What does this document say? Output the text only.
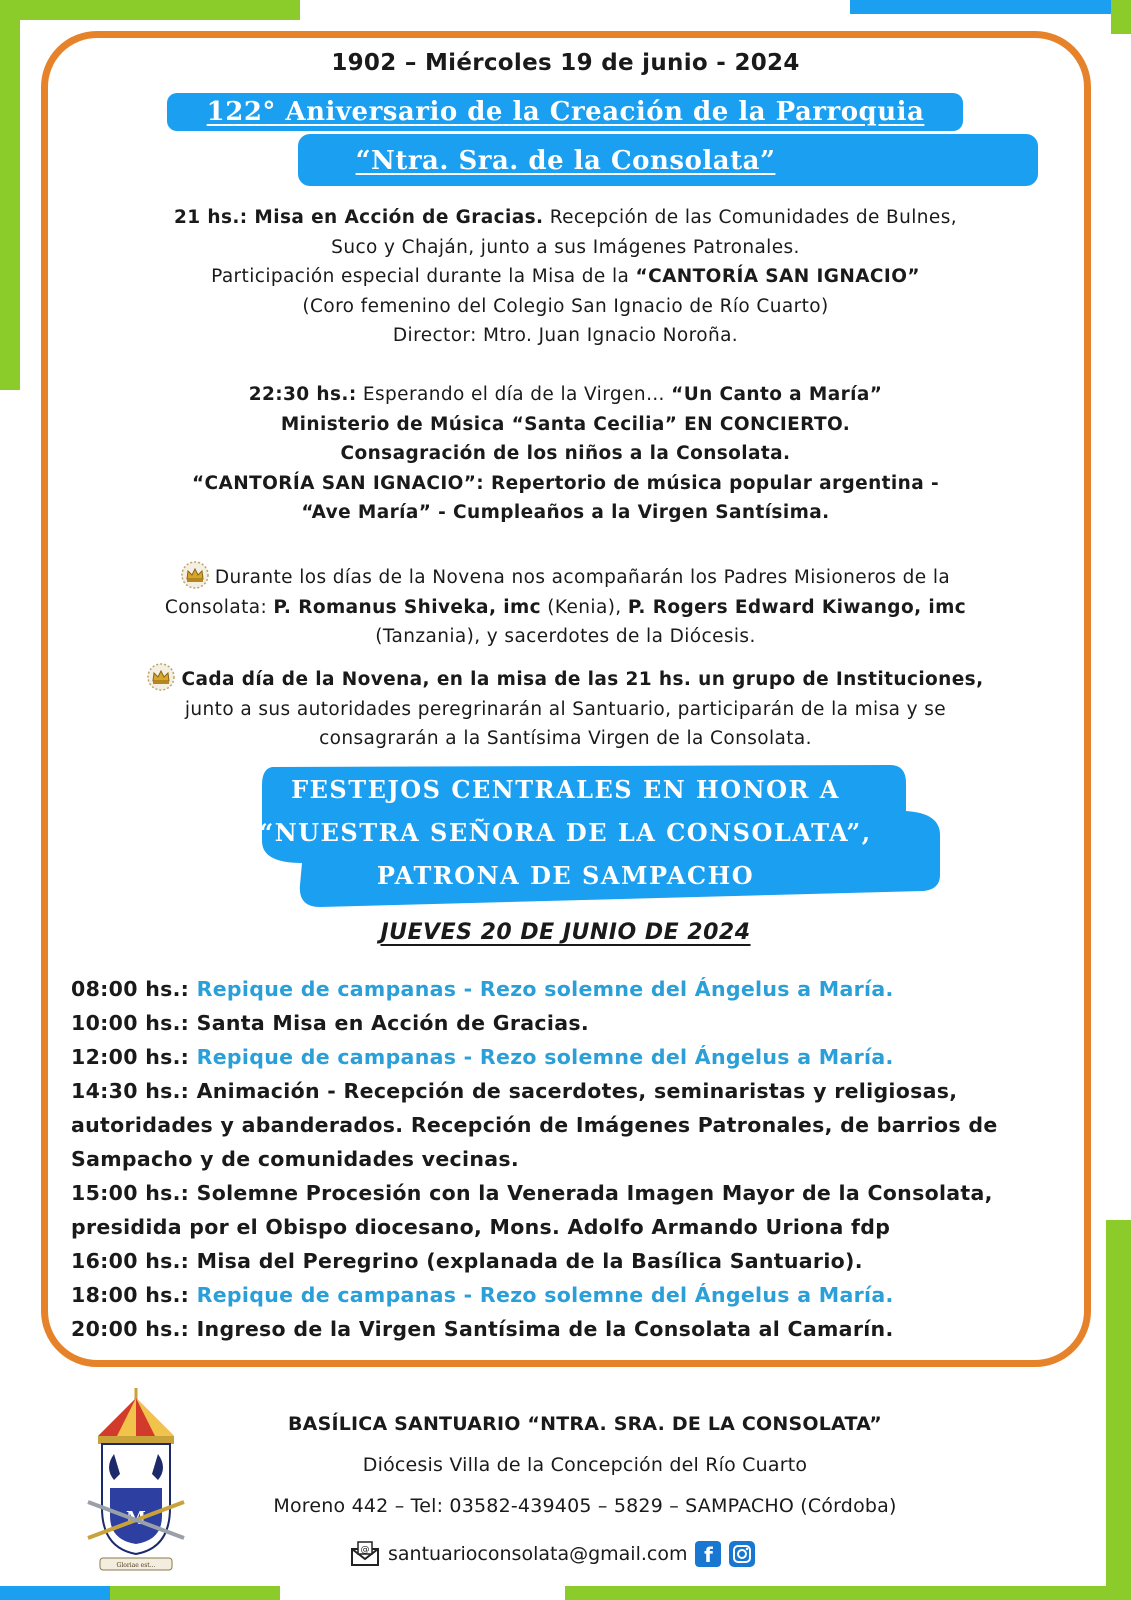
1902 – Miércoles 19 de junio - 2024
122° Aniversario de la Creación de la Parroquia
“Ntra. Sra. de la Consolata”
21 hs.: Misa en Acción de Gracias. Recepción de las Comunidades de Bulnes,
Suco y Chaján, junto a sus Imágenes Patronales.
Participación especial durante la Misa de la “CANTORÍA SAN IGNACIO”
(Coro femenino del Colegio San Ignacio de Río Cuarto)
Director: Mtro. Juan Ignacio Noroña.
22:30 hs.: Esperando el día de la Virgen… “Un Canto a María”
Ministerio de Música “Santa Cecilia” EN CONCIERTO.
Consagración de los niños a la Consolata.
“CANTORÍA SAN IGNACIO”: Repertorio de música popular argentina -
“Ave María” - Cumpleaños a la Virgen Santísima.
Durante los días de la Novena nos acompañarán los Padres Misioneros de la
Consolata: P. Romanus Shiveka, imc (Kenia), P. Rogers Edward Kiwango, imc
(Tanzania), y sacerdotes de la Diócesis.
Cada día de la Novena, en la misa de las 21 hs. un grupo de Instituciones,
junto a sus autoridades peregrinarán al Santuario, participarán de la misa y se
consagrarán a la Santísima Virgen de la Consolata.
FESTEJOS CENTRALES EN HONOR A
“NUESTRA SEÑORA DE LA CONSOLATA”,
PATRONA DE SAMPACHO
JUEVES 20 DE JUNIO DE 2024
08:00 hs.: Repique de campanas - Rezo solemne del Ángelus a María.
10:00 hs.: Santa Misa en Acción de Gracias.
12:00 hs.: Repique de campanas - Rezo solemne del Ángelus a María.
14:30 hs.: Animación - Recepción de sacerdotes, seminaristas y religiosas, autoridades y abanderados. Recepción de Imágenes Patronales, de barrios de Sampacho y de comunidades vecinas.
15:00 hs.: Solemne Procesión con la Venerada Imagen Mayor de la Consolata, presidida por el Obispo diocesano, Mons. Adolfo Armando Uriona fdp
16:00 hs.: Misa del Peregrino (explanada de la Basílica Santuario).
18:00 hs.: Repique de campanas - Rezo solemne del Ángelus a María.
20:00 hs.: Ingreso de la Virgen Santísima de la Consolata al Camarín.
Gloriae est...
BASÍLICA SANTUARIO “NTRA. SRA. DE LA CONSOLATA”
Diócesis Villa de la Concepción del Río Cuarto
Moreno 442 – Tel: 03582-439405 – 5829 – SAMPACHO (Córdoba)
@ santuarioconsolata@gmail.com f
